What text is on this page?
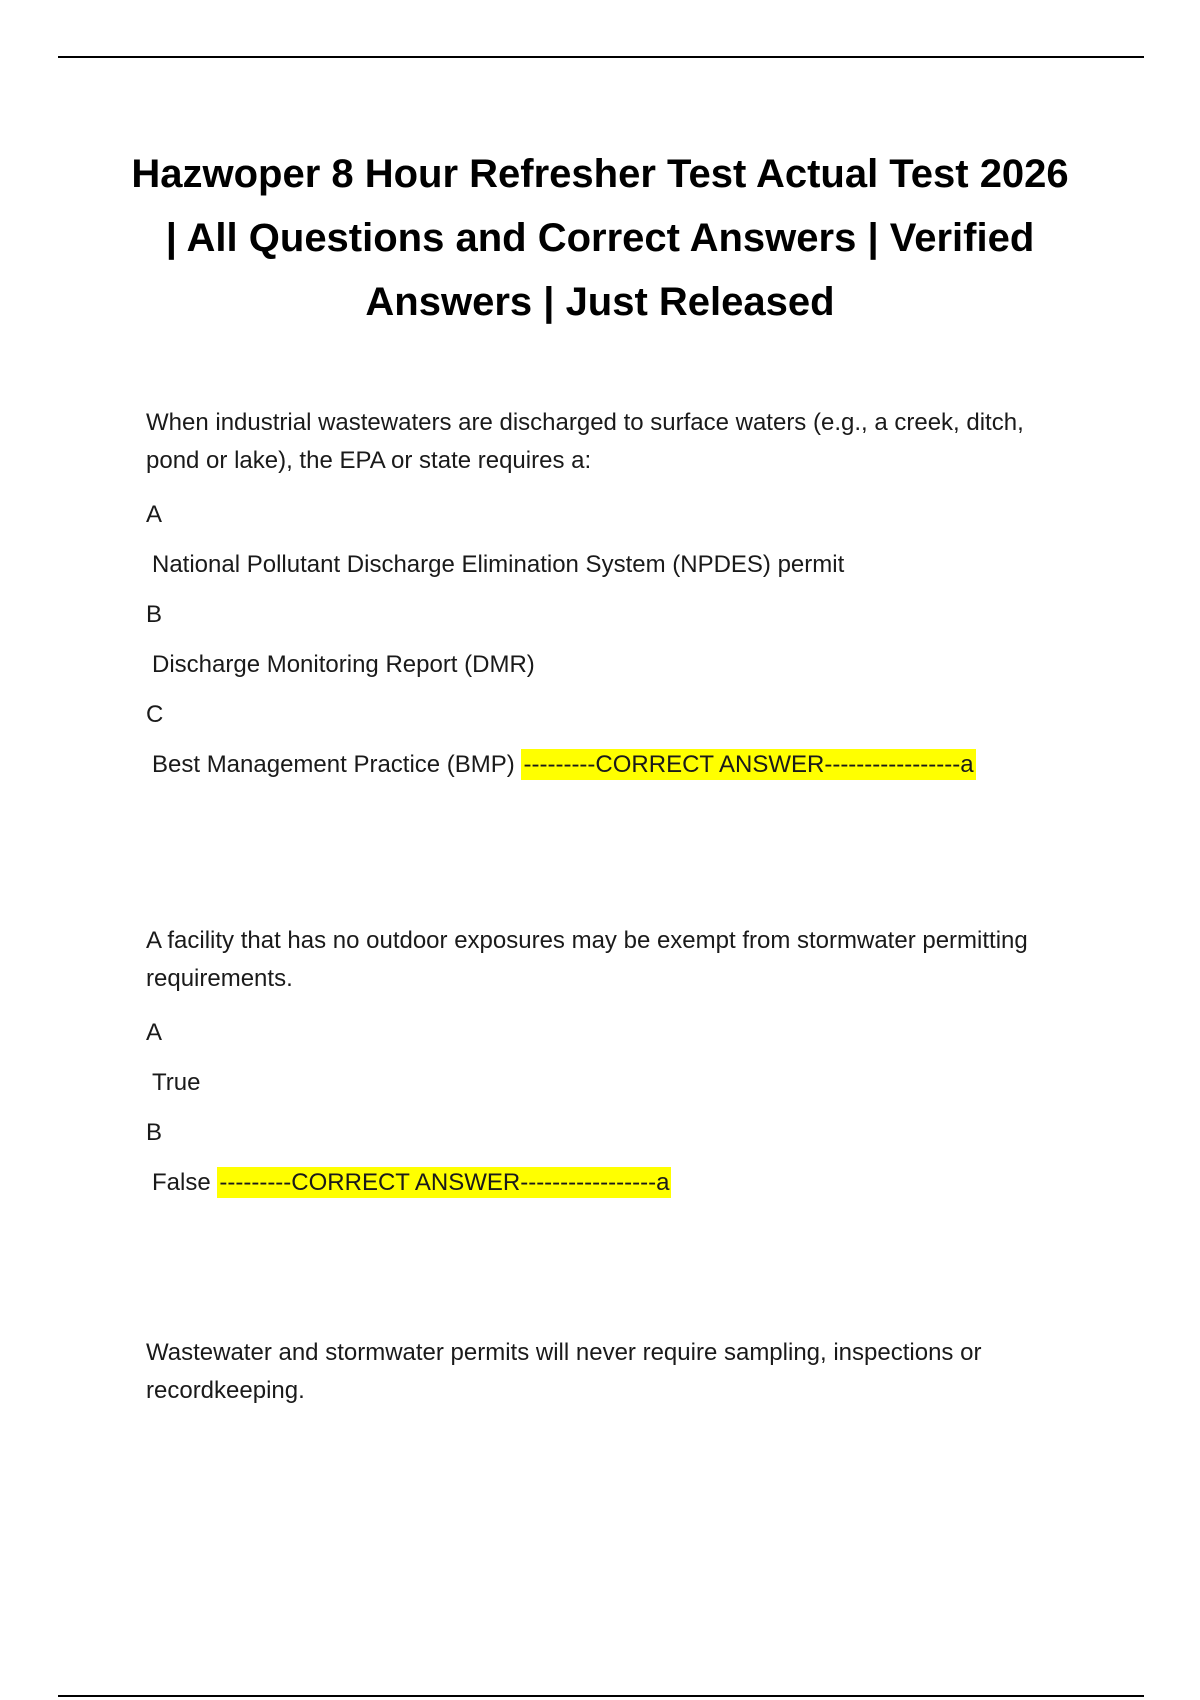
Hazwoper 8 Hour Refresher Test Actual Test 2026 | All Questions and Correct Answers | Verified Answers | Just Released

When industrial wastewaters are discharged to surface waters (e.g., a creek, ditch, pond or lake), the EPA or state requires a:

A

National Pollutant Discharge Elimination System (NPDES) permit

B

Discharge Monitoring Report (DMR)

C

Best Management Practice (BMP) ---------CORRECT ANSWER-----------------a

A facility that has no outdoor exposures may be exempt from stormwater permitting requirements.

A

True

B

False ---------CORRECT ANSWER-----------------a

Wastewater and stormwater permits will never require sampling, inspections or recordkeeping.
